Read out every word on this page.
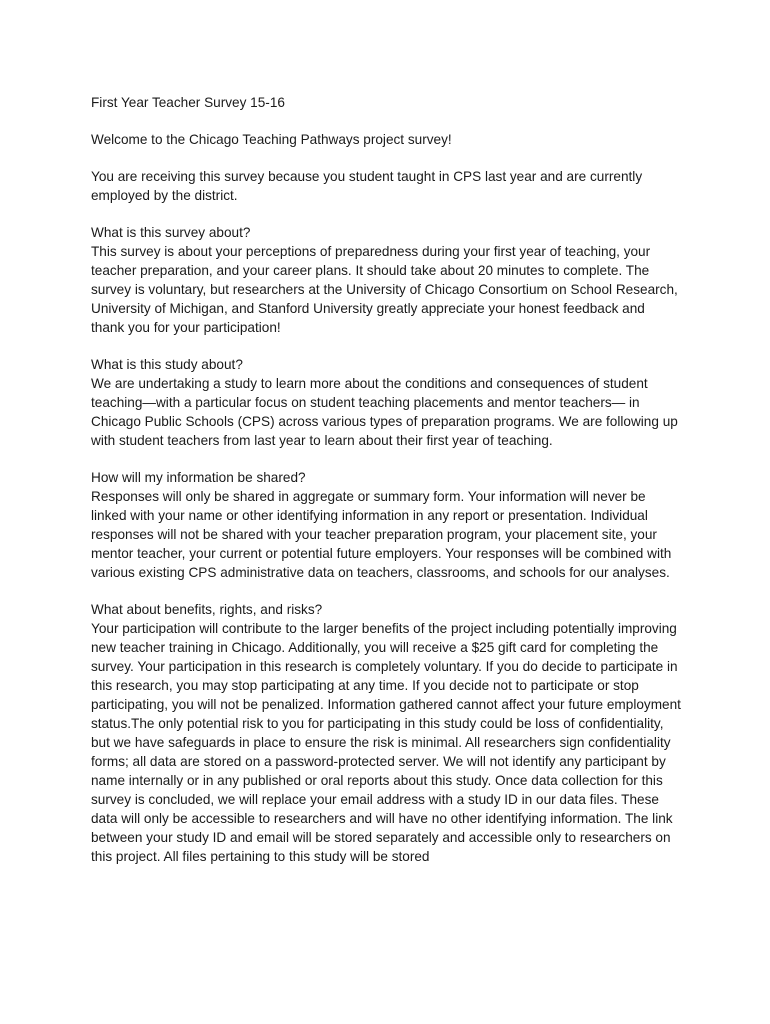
First Year Teacher Survey 15-16
Welcome to the Chicago Teaching Pathways project survey!
You are receiving this survey because you student taught in CPS last year and are currently employed by the district.
What is this survey about?
This survey is about your perceptions of preparedness during your first year of teaching, your teacher preparation, and your career plans. It should take about 20 minutes to complete. The survey is voluntary, but researchers at the University of Chicago Consortium on School Research, University of Michigan, and Stanford University greatly appreciate your honest feedback and thank you for your participation!
What is this study about?
We are undertaking a study to learn more about the conditions and consequences of student teaching—with a particular focus on student teaching placements and mentor teachers— in Chicago Public Schools (CPS) across various types of preparation programs. We are following up with student teachers from last year to learn about their first year of teaching.
How will my information be shared?
Responses will only be shared in aggregate or summary form. Your information will never be linked with your name or other identifying information in any report or presentation. Individual responses will not be shared with your teacher preparation program, your placement site, your mentor teacher, your current or potential future employers. Your responses will be combined with various existing CPS administrative data on teachers, classrooms, and schools for our analyses.
What about benefits, rights, and risks?
Your participation will contribute to the larger benefits of the project including potentially improving new teacher training in Chicago. Additionally, you will receive a $25 gift card for completing the survey. Your participation in this research is completely voluntary. If you do decide to participate in this research, you may stop participating at any time. If you decide not to participate or stop participating, you will not be penalized. Information gathered cannot affect your future employment status.The only potential risk to you for participating in this study could be loss of confidentiality, but we have safeguards in place to ensure the risk is minimal. All researchers sign confidentiality forms; all data are stored on a password-protected server. We will not identify any participant by name internally or in any published or oral reports about this study. Once data collection for this survey is concluded, we will replace your email address with a study ID in our data files. These data will only be accessible to researchers and will have no other identifying information. The link between your study ID and email will be stored separately and accessible only to researchers on this project. All files pertaining to this study will be stored
